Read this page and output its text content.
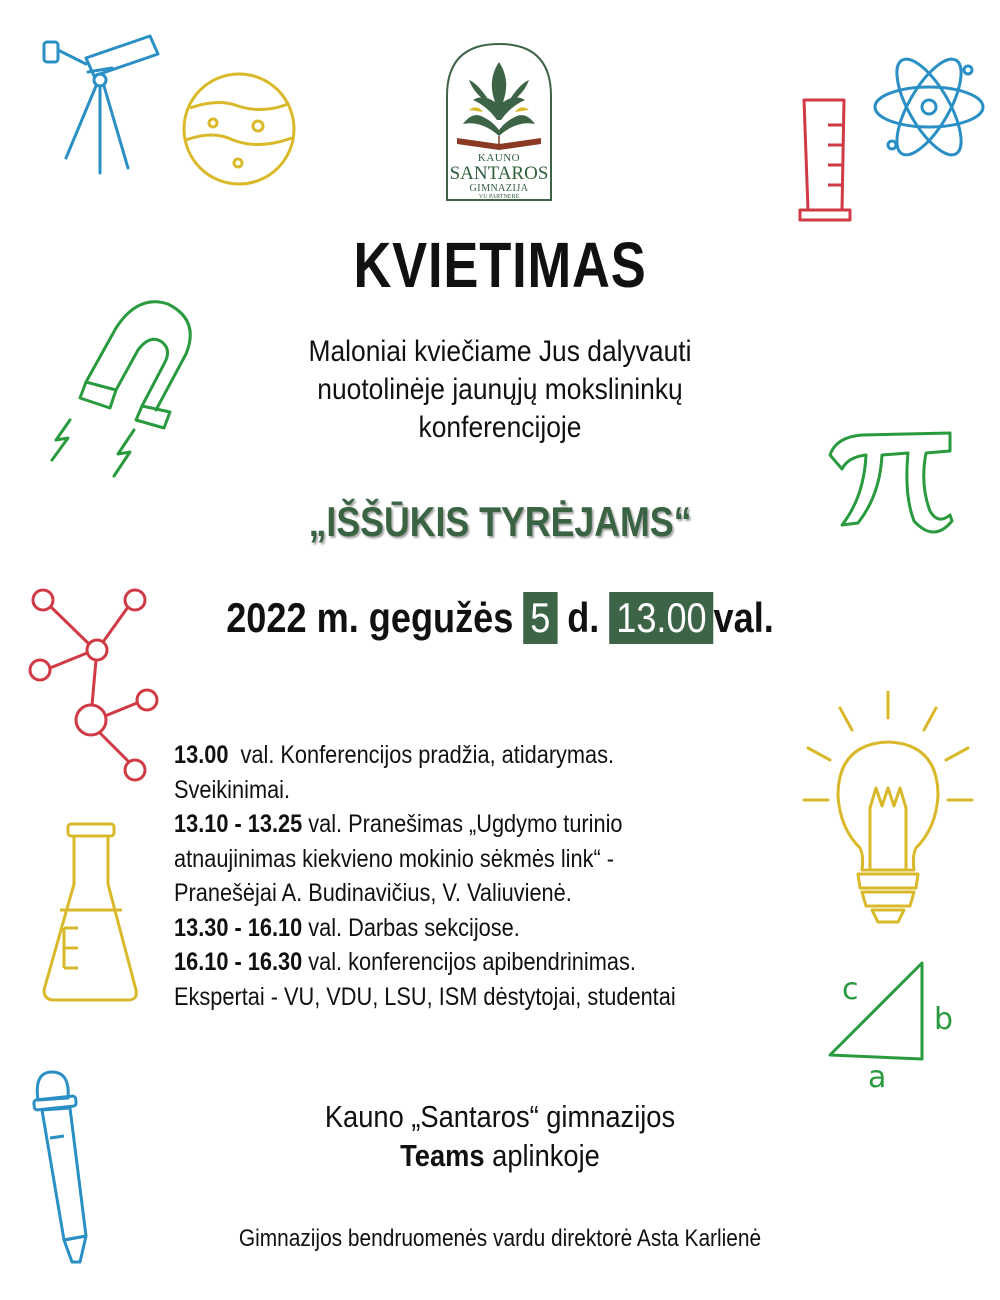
c
b
a
KAUNO
SANTAROS
GIMNAZIJA
VU PARTNERĖ
KVIETIMAS
Maloniai kviečiame Jus dalyvauti
nuotolinėje jaunųjų mokslininkų
konferencijoje
„IŠŠŪKIS TYRĖJAMS“
2022 m. gegužės 5 d. 13.00 val.
13.00  val. Konferencijos pradžia, atidarymas.
Sveikinimai.
13.10 - 13.25 val. Pranešimas „Ugdymo turinio
atnaujinimas kiekvieno mokinio sėkmės link“ -
Pranešėjai A. Budinavičius, V. Valiuvienė.
13.30 - 16.10 val. Darbas sekcijose.
16.10 - 16.30 val. konferencijos apibendrinimas.
Ekspertai - VU, VDU, LSU, ISM dėstytojai, studentai
Kauno „Santaros“ gimnazijos
Teams aplinkoje
Gimnazijos bendruomenės vardu direktorė Asta Karlienė
